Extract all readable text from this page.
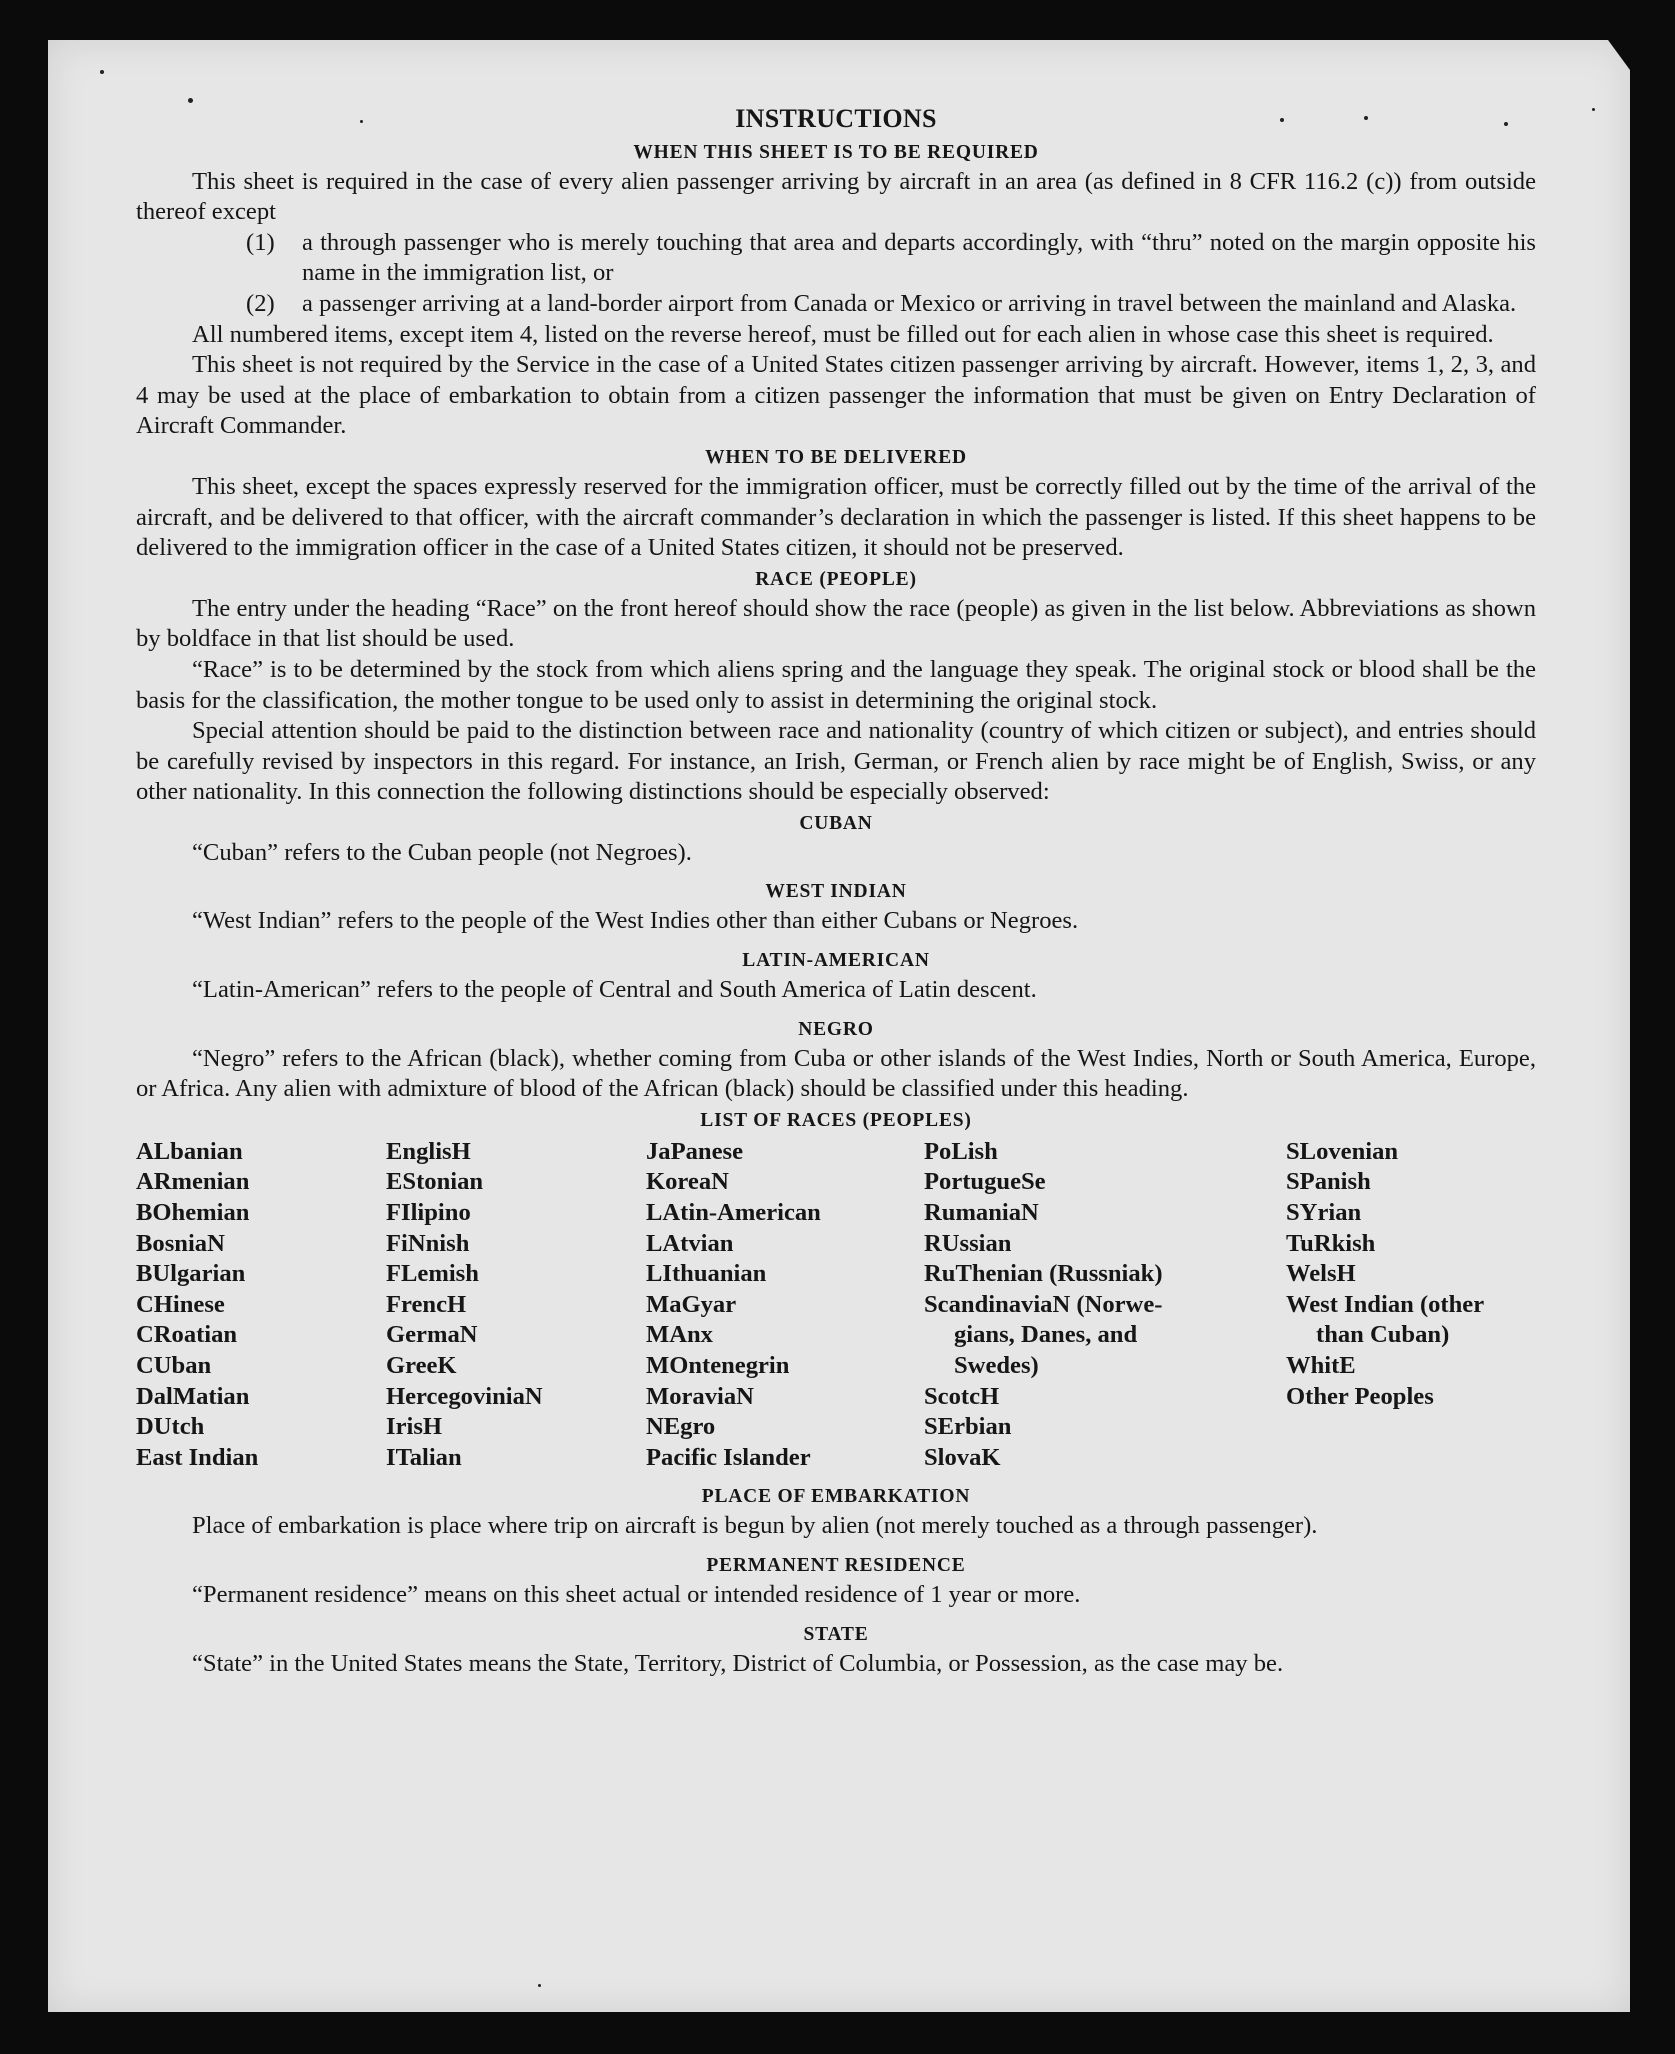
INSTRUCTIONS
WHEN THIS SHEET IS TO BE REQUIRED

This sheet is required in the case of every alien passenger arriving by aircraft in an area (as defined in 8 CFR 116.2 (c)) from outside thereof except

(1)	a through passenger who is merely touching that area and departs accordingly, with “thru” noted on the margin opposite his name in the immigration list, or
(2)	a passenger arriving at a land-border airport from Canada or Mexico or arriving in travel between the mainland and Alaska.

All numbered items, except item 4, listed on the reverse hereof, must be filled out for each alien in whose case this sheet is required.

This sheet is not required by the Service in the case of a United States citizen passenger arriving by aircraft. However, items 1, 2, 3, and 4 may be used at the place of embarkation to obtain from a citizen passenger the information that must be given on Entry Declaration of Aircraft Commander.

WHEN TO BE DELIVERED

This sheet, except the spaces expressly reserved for the immigration officer, must be correctly filled out by the time of the arrival of the aircraft, and be delivered to that officer, with the aircraft commander’s declaration in which the passenger is listed. If this sheet happens to be delivered to the immigration officer in the case of a United States citizen, it should not be preserved.

RACE (PEOPLE)

The entry under the heading “Race” on the front hereof should show the race (people) as given in the list below. Abbreviations as shown by boldface in that list should be used.

“Race” is to be determined by the stock from which aliens spring and the language they speak. The original stock or blood shall be the basis for the classification, the mother tongue to be used only to assist in determining the original stock.

Special attention should be paid to the distinction between race and nationality (country of which citizen or subject), and entries should be carefully revised by inspectors in this regard. For instance, an Irish, German, or French alien by race might be of English, Swiss, or any other nationality. In this connection the following distinctions should be especially observed:

CUBAN

“Cuban” refers to the Cuban people (not Negroes).

WEST INDIAN

“West Indian” refers to the people of the West Indies other than either Cubans or Negroes.

LATIN-AMERICAN

“Latin-American” refers to the people of Central and South America of Latin descent.

NEGRO

“Negro” refers to the African (black), whether coming from Cuba or other islands of the West Indies, North or South America, Europe, or Africa. Any alien with admixture of blood of the African (black) should be classified under this heading.

LIST OF RACES (PEOPLES)
ALbanian
ARmenian
BOhemian
BosniaN
BUlgarian
CHinese
CRoatian
CUban
DalMatian
DUtch
East Indian
EnglisH
EStonian
FIlipino
FiNnish
FLemish
FrencH
GermaN
GreeK
HercegoviniaN
IrisH
ITalian
JaPanese
KoreaN
LAtin-American
LAtvian
LIthuanian
MaGyar
MAnx
MOntenegrin
MoraviaN
NEgro
Pacific Islander
PoLish
PortugueSe
RumaniaN
RUssian
RuThenian (Russniak)
ScandinaviaN (Norwe-
gians, Danes, and
Swedes)
ScotcH
SErbian
SlovaK
SLovenian
SPanish
SYrian
TuRkish
WelsH
West Indian (other
than Cuban)
WhitE
Other Peoples
PLACE OF EMBARKATION

Place of embarkation is place where trip on aircraft is begun by alien (not merely touched as a through passenger).

PERMANENT RESIDENCE

“Permanent residence” means on this sheet actual or intended residence of 1 year or more.

STATE

“State” in the United States means the State, Territory, District of Columbia, or Possession, as the case may be.
